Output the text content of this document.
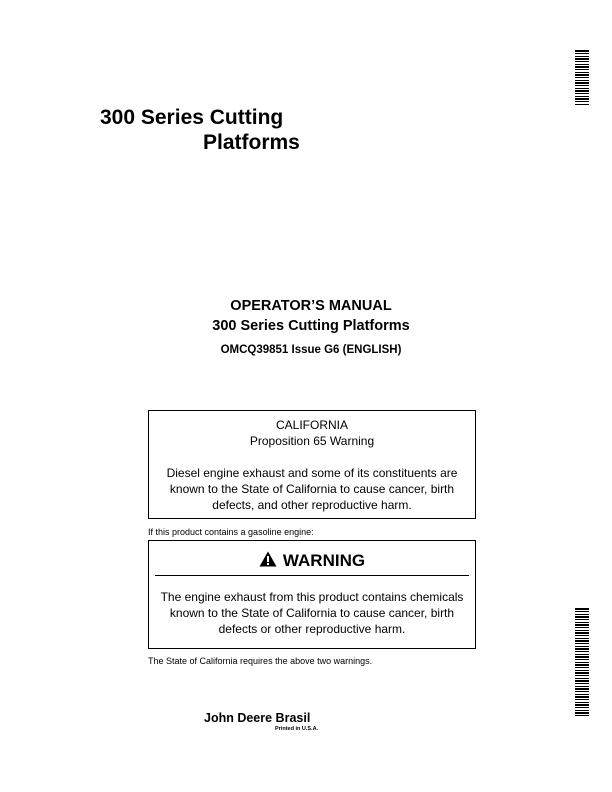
300 Series Cutting
Platforms
OPERATOR’S MANUAL
300 Series Cutting Platforms
OMCQ39851 Issue G6 (ENGLISH)
CALIFORNIA
Proposition 65 Warning
Diesel engine exhaust and some of its constituents are known to the State of California to cause cancer, birth defects, and other reproductive harm.
If this product contains a gasoline engine:
WARNING
The engine exhaust from this product contains chemicals known to the State of California to cause cancer, birth defects or other reproductive harm.
The State of California requires the above two warnings.
John Deere Brasil
Printed in U.S.A.
